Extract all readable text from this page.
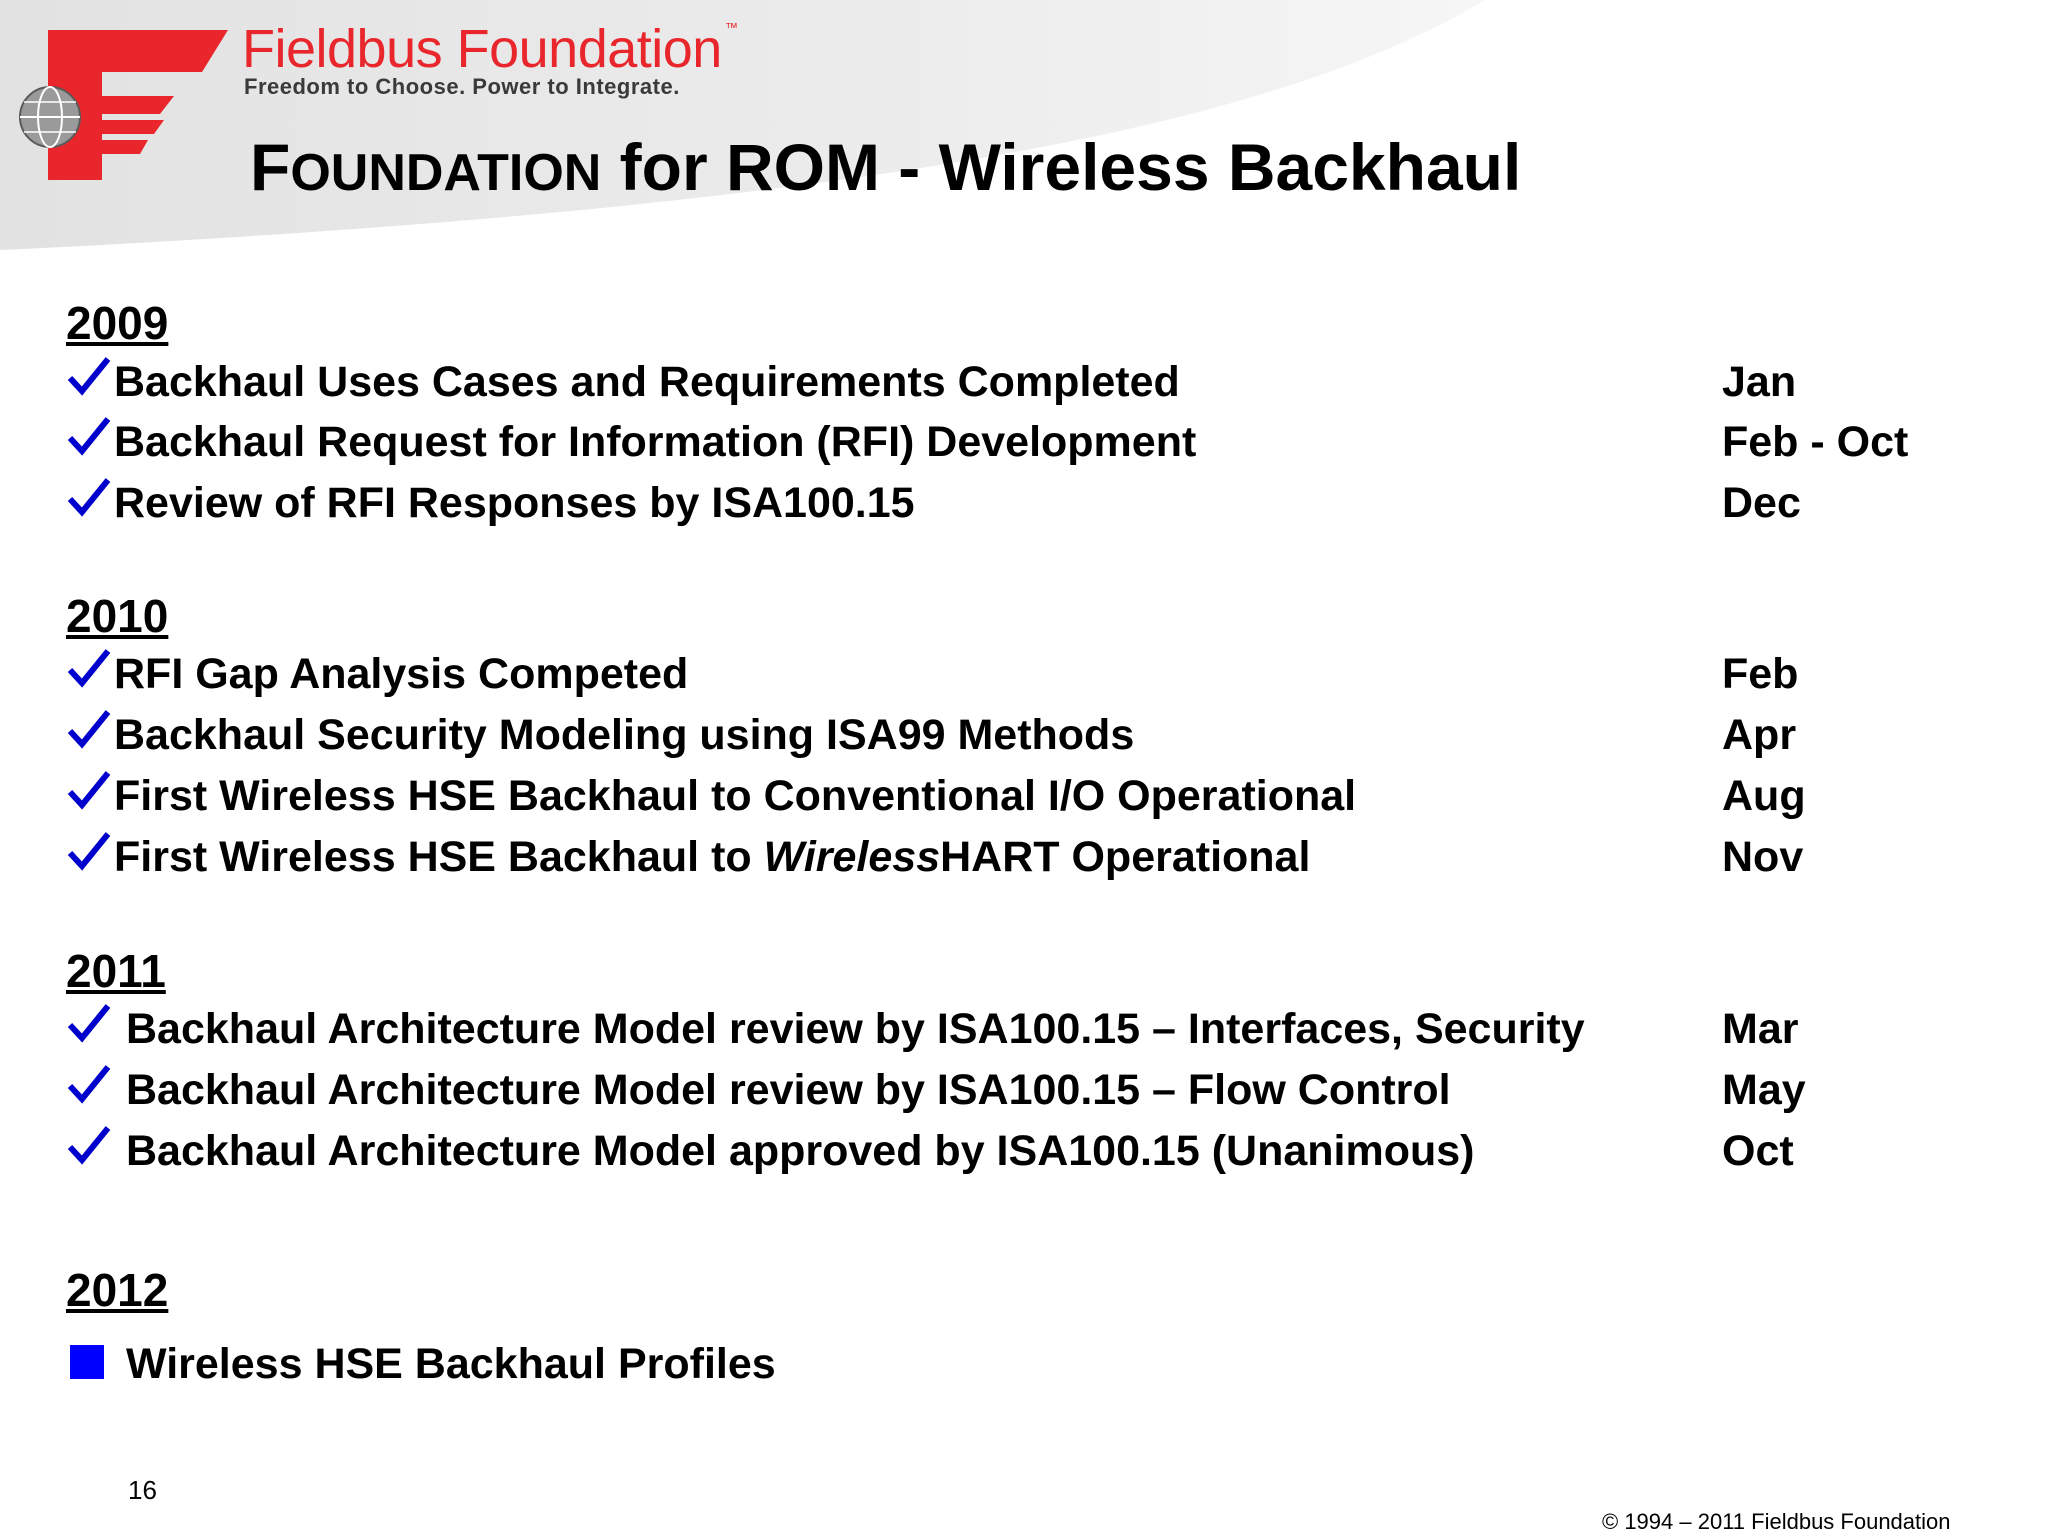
Fieldbus Foundation ™
Freedom to Choose. Power to Integrate.
FOUNDATION for ROM - Wireless Backhaul
2009
Backhaul Uses Cases and Requirements Completed	Jan
Backhaul Request for Information (RFI) Development	Feb - Oct
Review of RFI Responses by ISA100.15	Dec
2010
RFI Gap Analysis Competed	Feb
Backhaul Security Modeling using ISA99 Methods	Apr
First Wireless HSE Backhaul to Conventional I/O Operational	Aug
First Wireless HSE Backhaul to WirelessHART Operational	Nov
2011
Backhaul Architecture Model review by ISA100.15 – Interfaces, Security	Mar
Backhaul Architecture Model review by ISA100.15 – Flow Control	May
Backhaul Architecture Model approved by ISA100.15 (Unanimous)	Oct
2012
Wireless HSE Backhaul Profiles
16
© 1994 – 2011 Fieldbus Foundation
